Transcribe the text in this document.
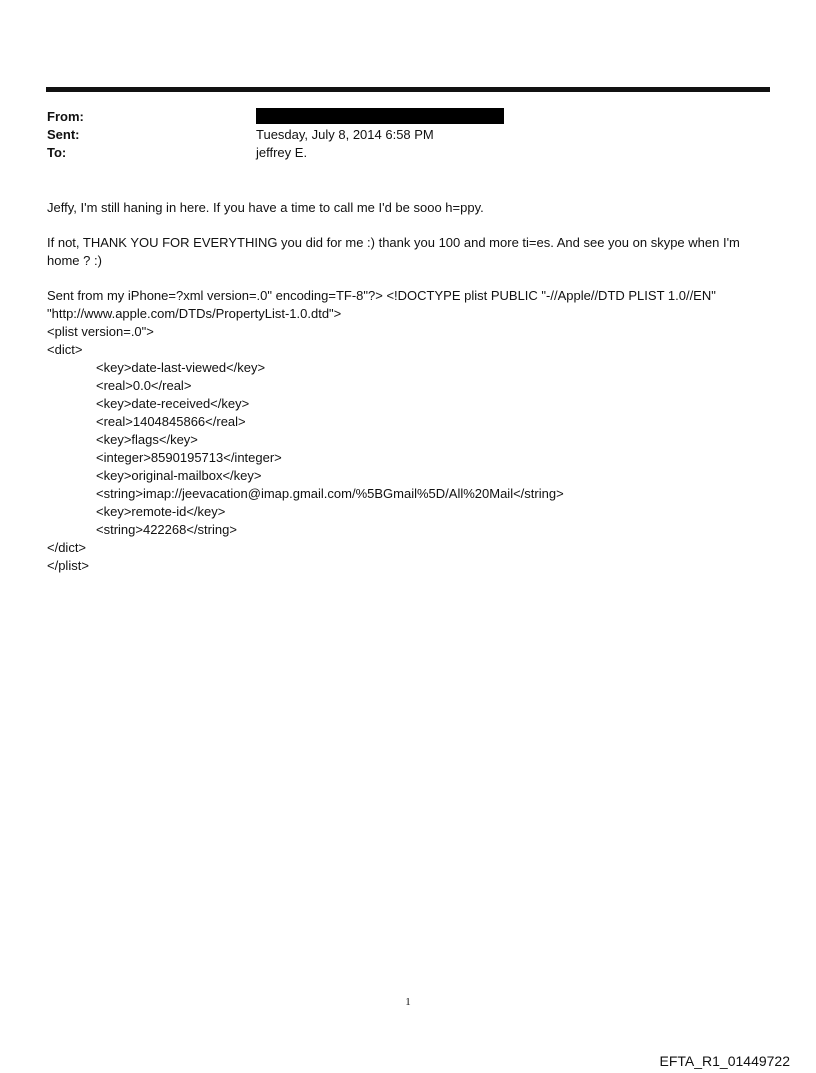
From:
Sent:	Tuesday, July 8, 2014 6:58 PM
To:	jeffrey E.
Jeffy, I'm still haning in here. If you have a time to call me I'd be sooo h=ppy.
If not, THANK YOU FOR EVERYTHING you did for me :) thank you 100 and more ti=es. And see you on skype when I'm
home ? :)
Sent from my iPhone=?xml version=.0" encoding=TF-8"?> <!DOCTYPE plist PUBLIC "-//Apple//DTD PLIST 1.0//EN"
"http://www.apple.com/DTDs/PropertyList-1.0.dtd">
<plist version=.0">
<dict>
<key>date-last-viewed</key>
<real>0.0</real>
<key>date-received</key>
<real>1404845866</real>
<key>flags</key>
<integer>8590195713</integer>
<key>original-mailbox</key>
<string>imap://jeevacation@imap.gmail.com/%5BGmail%5D/All%20Mail</string>
<key>remote-id</key>
<string>422268</string>
</dict>
</plist>
1
EFTA_R1_01449722
